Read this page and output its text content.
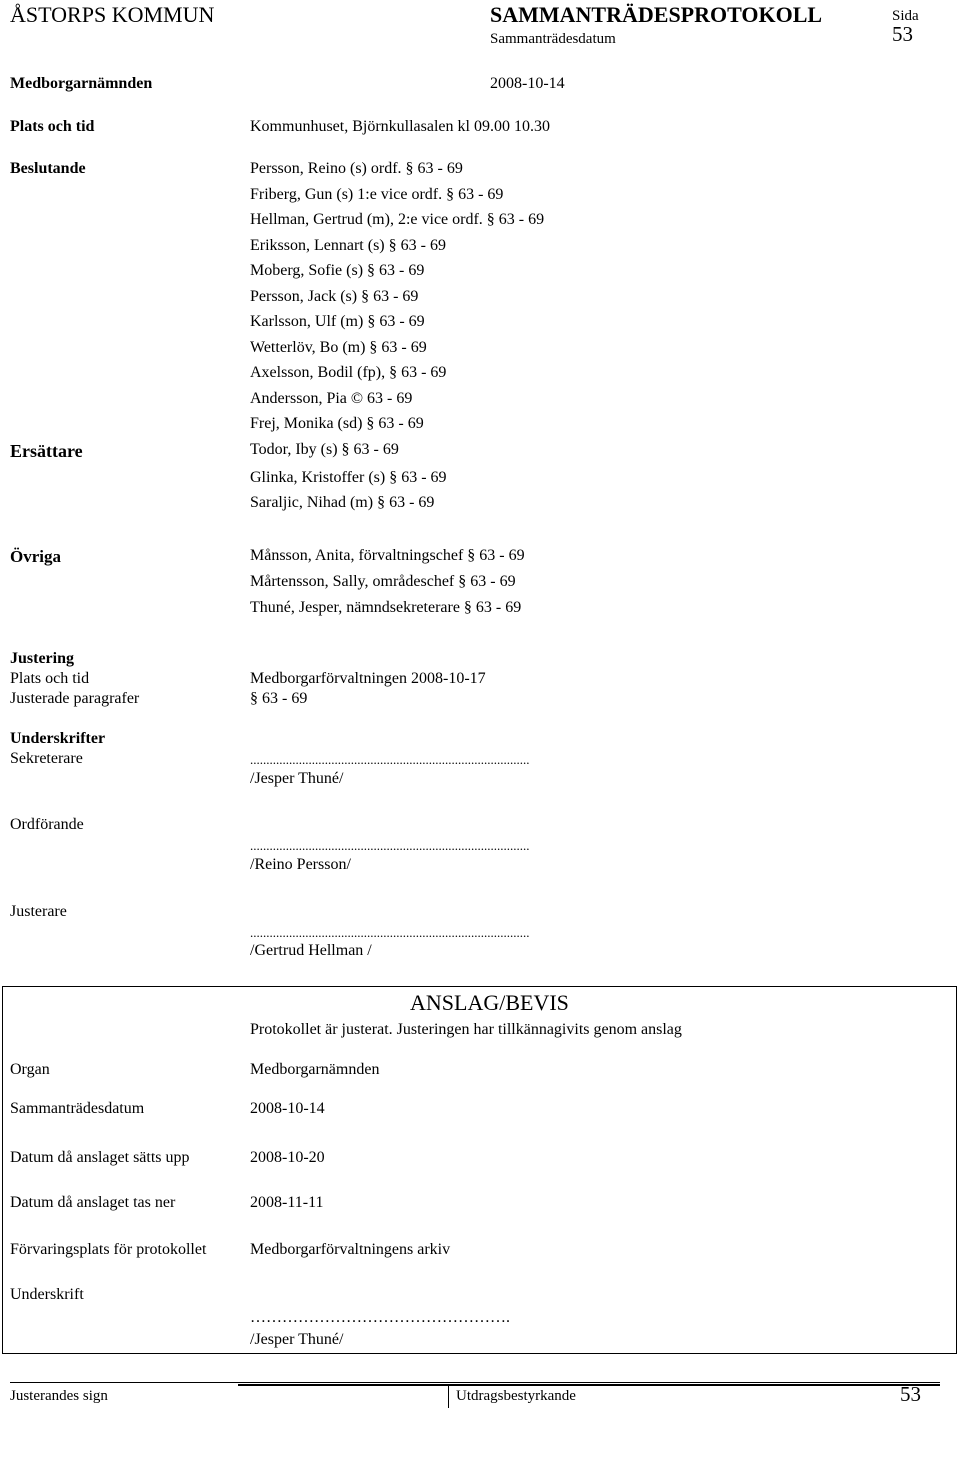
ÅSTORPS KOMMUN	SAMMANTRÄDESPROTOKOLL
Sammanträdesdatum
Sida
53
Medborgarnämnden	2008-10-14
Plats och tid	Kommunhuset, Björnkullasalen kl 09.00 10.30
Beslutande	Persson, Reino (s) ordf. § 63 - 69
Friberg, Gun (s) 1:e vice ordf. § 63 - 69
Hellman, Gertrud (m), 2:e vice ordf. § 63 - 69
Eriksson, Lennart (s) § 63 - 69
Moberg, Sofie (s) § 63 - 69
Persson, Jack (s) § 63 - 69
Karlsson, Ulf (m) § 63 - 69
Wetterlöv, Bo (m) § 63 - 69
Axelsson, Bodil (fp), § 63 - 69
Andersson, Pia © 63 - 69
Frej, Monika (sd) § 63 - 69
Ersättare	Todor, Iby (s) § 63 - 69
Glinka, Kristoffer (s) § 63 - 69
Saraljic, Nihad (m) § 63 - 69
Övriga	Månsson, Anita, förvaltningschef § 63 - 69
Mårtensson, Sally, områdeschef § 63 - 69
Thuné, Jesper, nämndsekreterare § 63 - 69
Justering
Plats och tid	Medborgarförvaltningen 2008-10-17
Justerade paragrafer	§ 63 - 69
Underskrifter
Sekreterare	......................................................................................
/Jesper Thuné/
Ordförande
......................................................................................
/Reino Persson/
Justerare
......................................................................................
/Gertrud Hellman /
ANSLAG/BEVIS
Protokollet är justerat. Justeringen har tillkännagivits genom anslag
Organ	Medborgarnämnden
Sammanträdesdatum	2008-10-14
Datum då anslaget sätts upp	2008-10-20
Datum då anslaget tas ner	2008-11-11
Förvaringsplats för protokollet	Medborgarförvaltningens arkiv
Underskrift
………………………………………….
/Jesper Thuné/
Justerandes sign	Utdragsbestyrkande	53
